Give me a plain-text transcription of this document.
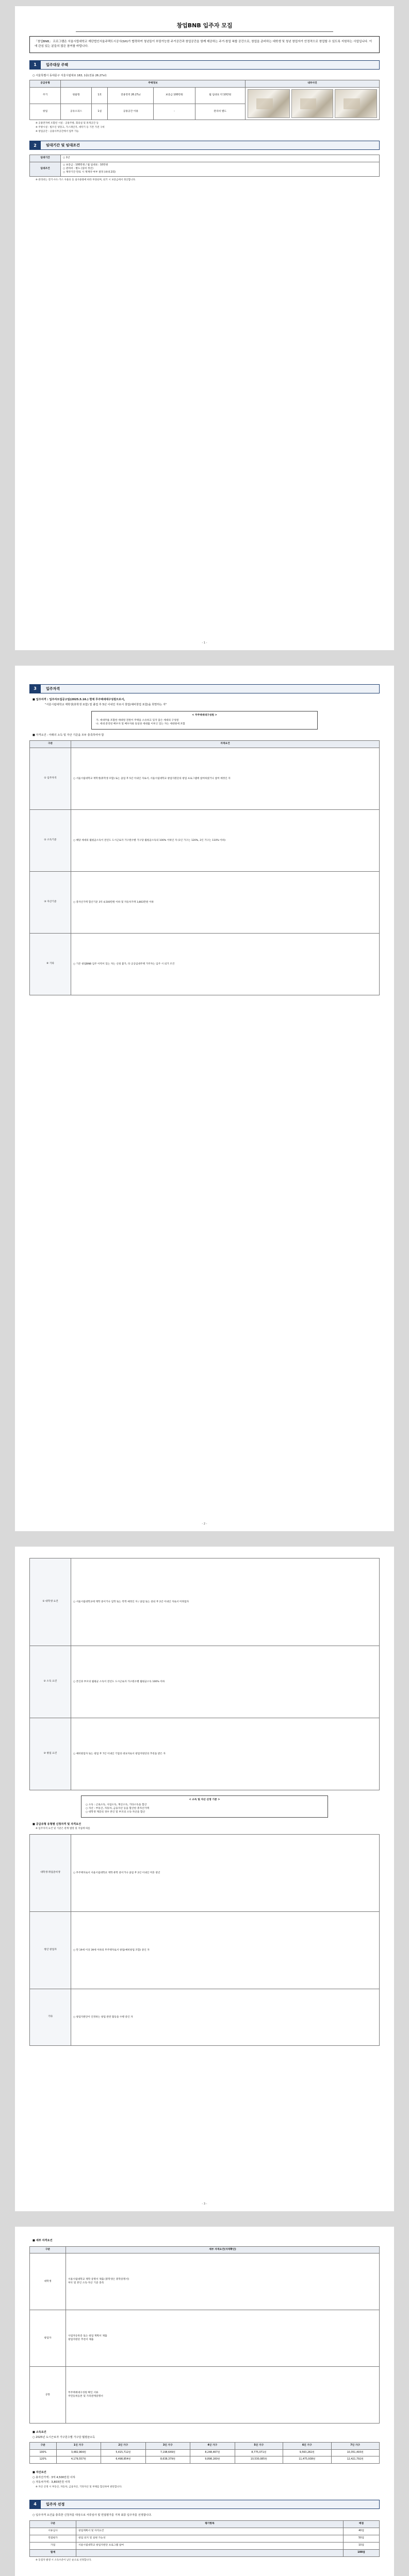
창업BNB 입주자 모집
「창업BNB」 프로그램은 서울시립대학교 재단법인서울주택도시공사(SH)가 협력하여 청년들이 부담가능한 주거공간과 창업공간을 함께 제공하는 주거·창업 복합 공간으로, 창업을 준비하는 대학생 및 청년 창업자가 안정적으로 창업할 수 있도록 지원하는 사업입니다. 이에 관심 있는 분들의 많은 참여를 바랍니다.
1	입주대상 주택
○ 서울특별시 동대문구 서울시립대로 163, 1층(전용 26.27㎡)
공급유형	주택정보					내부사진
주거	원룸형	1호	전용면적 26.27㎡	보증금 100만원	월 임대료 약 10만원	

창업	공유오피스	1실	공용공간 이용	-	관리비 별도	
※ 공용면적에 포함된 시설 : 공용주방, 회의실 및 휴게공간 등
※ 주방시설 : 빌트인 냉장고, 가스레인지, 세탁기 등 기본 가전 구비
※ 창업공간 : 공용사무공간에서 업무 가능
2	임대기간 및 임대조건
임대기간	○ 1년
임대조건	○ 보증금 : 100만원 / 월 임대료 : 10만원
○ 관리비 : 별도 (실비 정산)
○ 계약기간 만료 시 재계약 여부 결정 (최대 2회)
※ 관리비는 전기·수도·가스 사용료 등 실사용량에 따라 부과되며, 퇴거 시 보증금에서 정산합니다.
- 1 -
3	입주자격
■ 입주자격 : 입주자모집공고일(2025.5.16.) 현재 무주택세대구성원으로서,
"서울시립대학교 재학생(휴학생 포함) 및 졸업 후 5년 이내인 자로서 창업(예비창업 포함)을 희망하는 자"
< 무주택세대구성원 >
가. 세대주를 포함한 세대원 전원이 주택을 소유하고 있지 않은 세대의 구성원
나. 세대 분리된 배우자 및 배우자와 동일한 세대를 이루고 있는 자는 세대원에 포함
■ 자격요건 : 아래의 소득 및 자산 기준을 모두 충족하여야 함
구분	자격요건
① 입주자격	○ 서울시립대학교 재학생(휴학생 포함) 또는 졸업 후 5년 이내인 자로서, 서울시립대학교 창업지원단의 창업 프로그램에 참여하였거나 참여 예정인 자
② 소득기준	○ 해당 세대의 월평균소득이 전년도 도시근로자 가구원수별 가구당 월평균소득의 100% 이하인 자 (1인 가구는 120%, 2인 가구는 110% 이하)
③ 자산기준	○ 총자산가액 합산기준 3억 4,500만원 이하 및 자동차가액 3,803만원 이하
④ 기타	○ 기존 창업BNB 입주 이력이 있는 자는 신청 불가, 타 공공임대주택 거주자는 입주 시 퇴거 조건
- 2 -
① 대학생 요건	○ 서울시립대학교에 재학 중이거나 입학 또는 복학 예정인 자 / 졸업 또는 중퇴 후 2년 이내인 자로서 미취업자
② 소득 요건	○ 본인과 부모의 월평균 소득이 전년도 도시근로자 가구원수별 월평균소득 100% 이하
③ 창업 요건	○ 예비창업자 또는 창업 후 7년 이내인 기업의 대표자로서 창업지원단의 추천을 받은 자
< 소득 및 자산 산정 기준 >
○ 소득 : 근로소득, 사업소득, 재산소득, 기타소득을 합산
○ 자산 : 부동산, 자동차, 금융자산 등을 합산한 총자산가액
○ 대학생 계층의 경우 본인 및 부모의 소득·자산을 합산
■ 공급유형 유형별 신청자격 및 자격요건
※ 입주자격 요건 및 기준은 관계 법령 및 지침에 따름
대학생·취업준비생	○ 무주택자로서 서울시립대학교 재학·휴학 중이거나 졸업 후 2년 이내인 미혼 청년
청년 창업자	○ 만 19세 이상 39세 이하의 무주택자로서 창업(예비창업 포함) 중인 자
기타	○ 창업지원단이 인정하는 창업 관련 활동을 수행 중인 자
- 3 -
■ 세부 자격요건
구분	세부 자격요건(자격확인)
대학생	서울시립대학교 재학 증명서 제출 (휴학생은 휴학증명서)
부모 및 본인 소득·자산 기준 충족

창업자	사업자등록증 또는 창업 계획서 제출
창업지원단 추천서 제출

공통	무주택세대구성원 확인 서류
주민등록등본 및 가족관계증명서
■ 소득요건
○ 2025년 도시근로자 가구원수별 가구당 월평균소득
구분	1인 가구	2인 가구	3인 가구	4인 가구	5인 가구	6인 가구	7인 가구
100%	3,482,964원	5,415,712원	7,198,649원	8,248,467원	8,775,071원	9,563,282원	10,351,493원
120%	4,179,557원	6,498,854원	8,638,379원	9,898,160원	10,530,085원	11,475,938원	12,421,792원
■ 자산요건
○ 총자산가액 : 3억 4,500만원 이하
○ 자동차가액 : 3,803만원 이하
※ 자산 산정 시 부동산, 자동차, 금융자산, 기타자산 및 부채를 합산하여 판단합니다.
4	입주자 선정
○ 입주자격 요건을 충족한 신청자를 대상으로 서류심사 및 면접평가를 거쳐 최종 입주자를 선정합니다.
구분	평가항목	배점
서류심사	창업계획서 및 자격요건	40점
면접평가	창업 의지 및 실현 가능성	50점
가점	서울시립대학교 창업지원단 프로그램 참여	10점
합계		100점
※ 동점자 발생 시 소득수준이 낮은 순으로 선정합니다.
